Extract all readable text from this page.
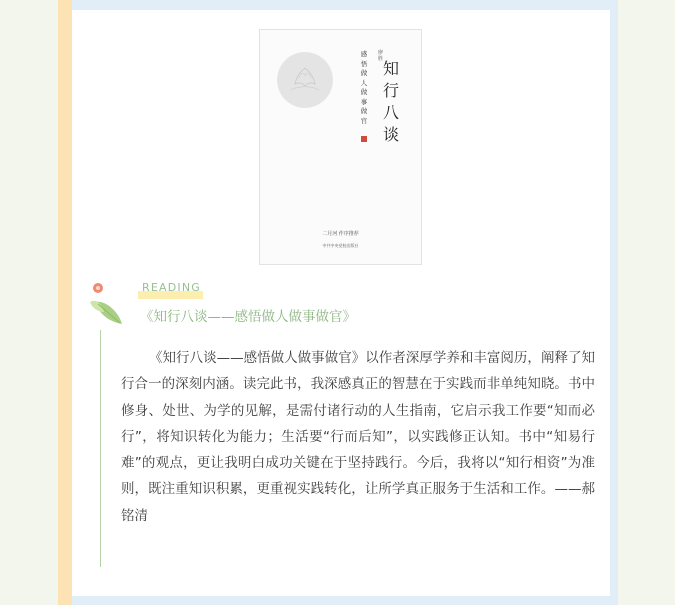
廖胜 知行八谈
感悟做人做事做官
二月河 作序推荐
中共中央党校出版社
READING
《知行八谈——感悟做人做事做官》

《知行八谈——感悟做人做事做官》以作者深厚学养和丰富阅历，阐释了知行合一的深刻内涵。读完此书，我深感真正的智慧在于实践而非单纯知晓。书中修身、处世、为学的见解，是需付诸行动的人生指南，它启示我工作要“知而必行”，将知识转化为能力；生活要“行而后知”，以实践修正认知。书中“知易行难”的观点，更让我明白成功关键在于坚持践行。今后，我将以“知行相资”为准则，既注重知识积累，更重视实践转化，让所学真正服务于生活和工作。——郝铭清
